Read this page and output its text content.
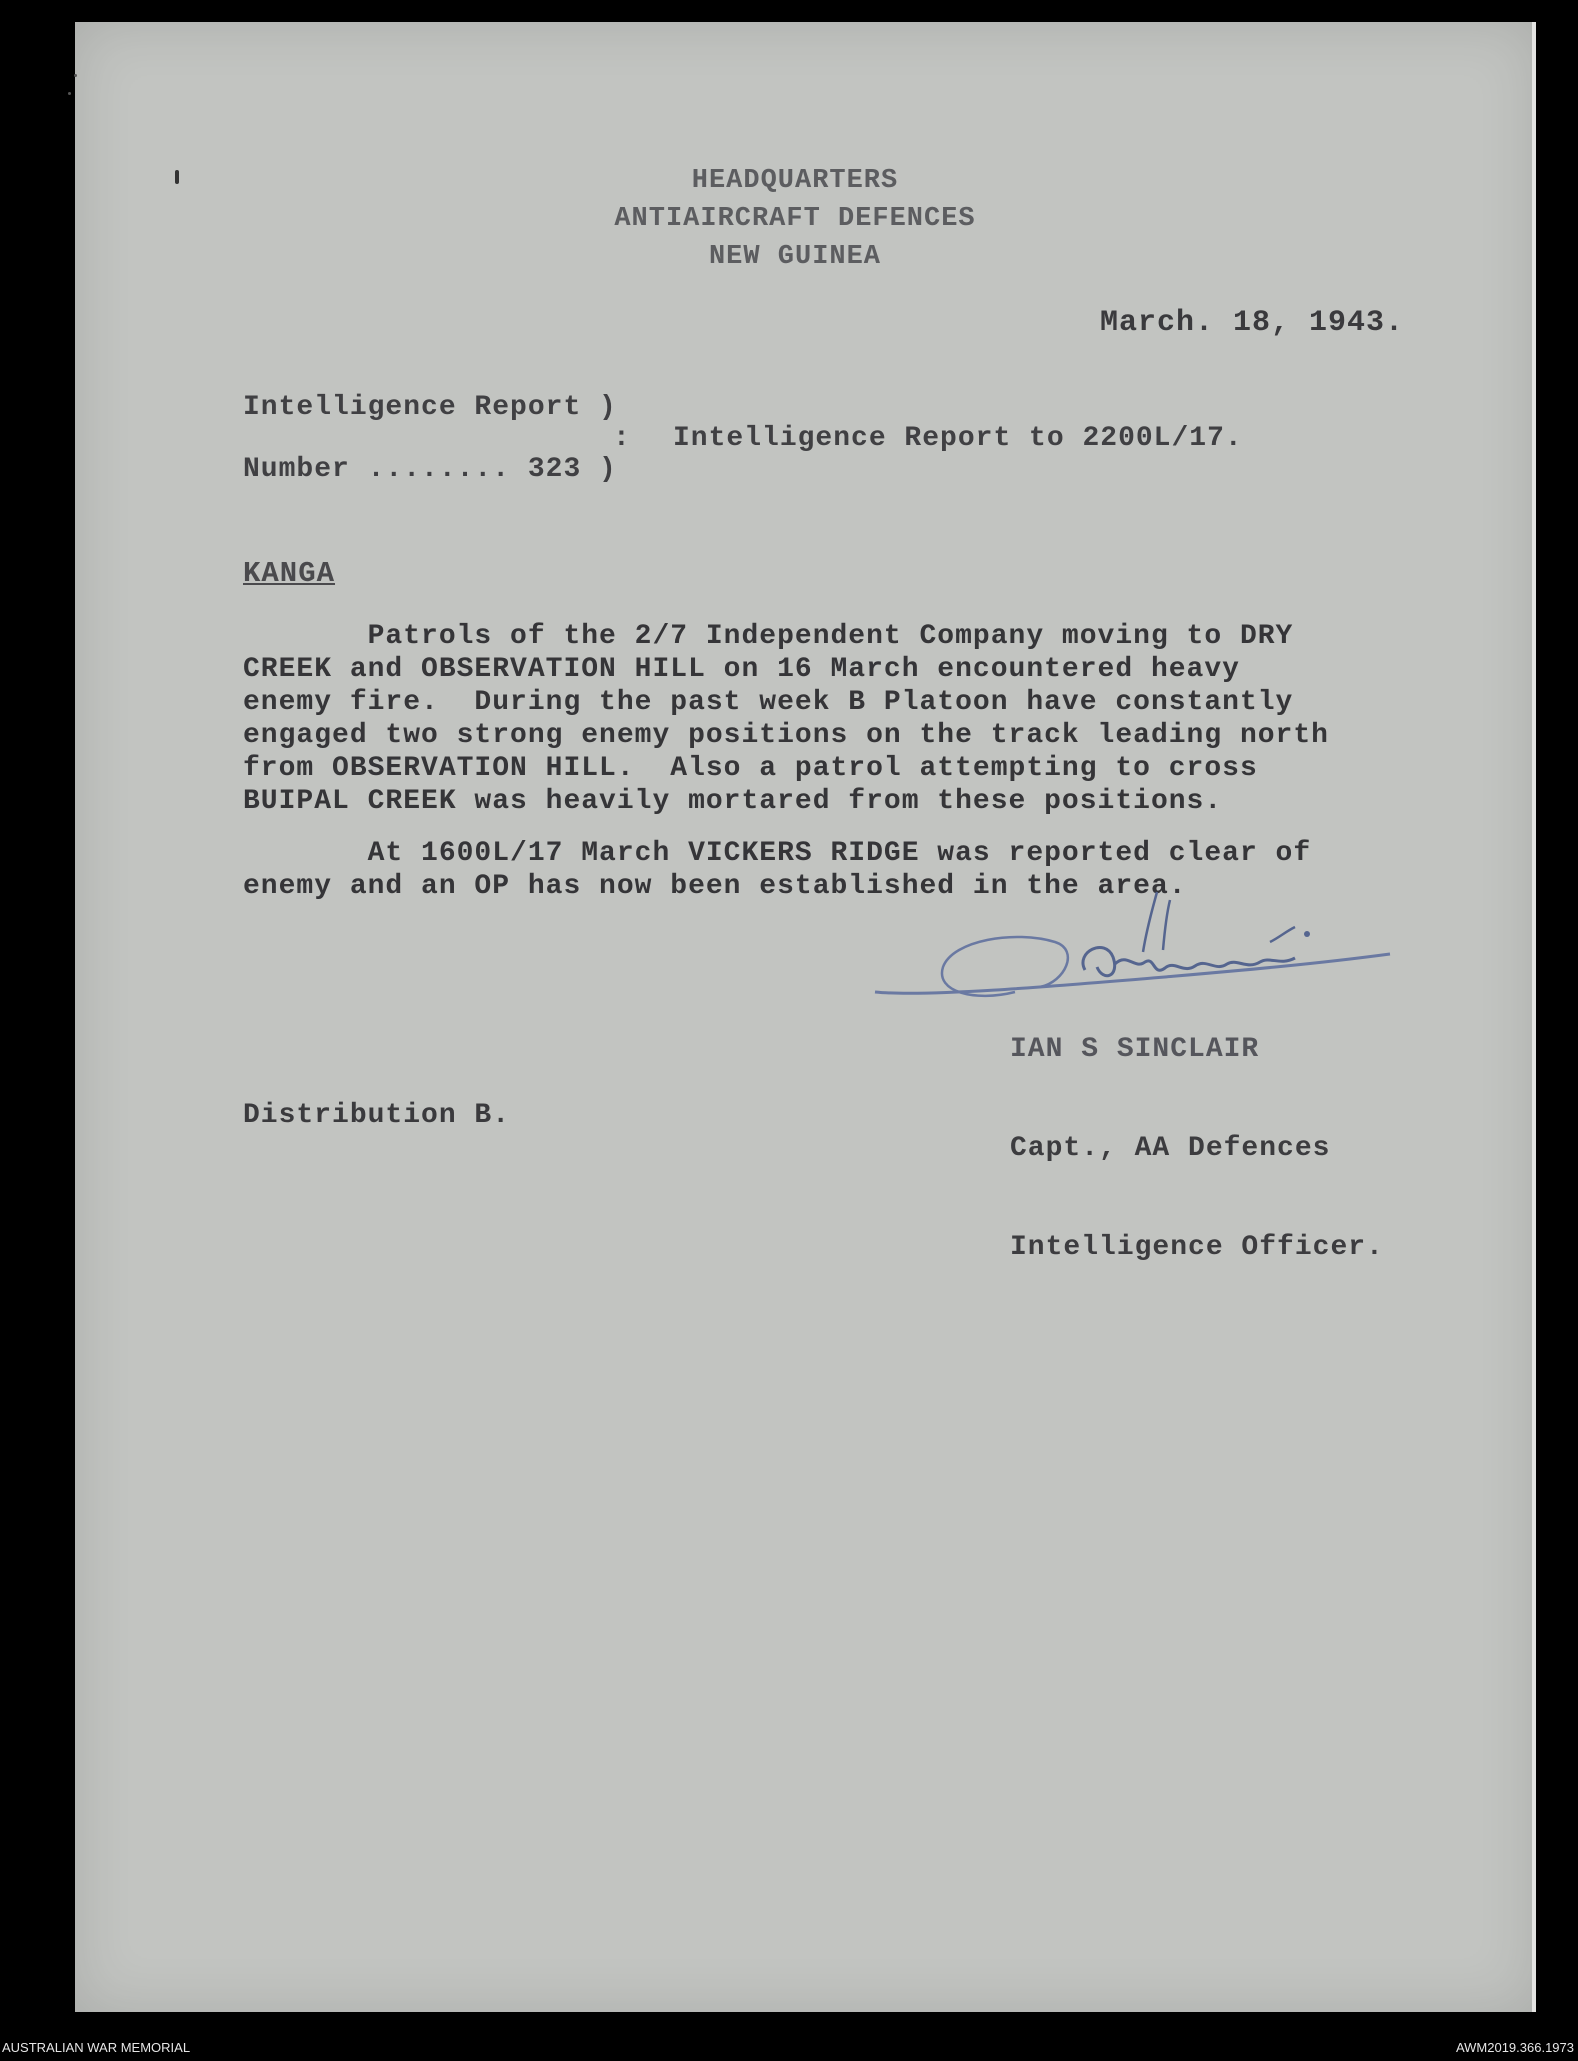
HEADQUARTERS
ANTIAIRCRAFT DEFENCES
NEW GUINEA
March. 18, 1943.
Intelligence Report )
Number ........ 323 )
: Intelligence Report to 2200L/17.
KANGA
Patrols of the 2/7 Independent Company moving to DRY
CREEK and OBSERVATION HILL on 16 March encountered heavy
enemy fire.  During the past week B Platoon have constantly
engaged two strong enemy positions on the track leading north
from OBSERVATION HILL.  Also a patrol attempting to cross
BUIPAL CREEK was heavily mortared from these positions.
At 1600L/17 March VICKERS RIDGE was reported clear of
enemy and an OP has now been established in the area.

IAN S SINCLAIR

Capt., AA Defences

Intelligence Officer.

Distribution B.
AUSTRALIAN WAR MEMORIAL	AWM2019.366.1973
